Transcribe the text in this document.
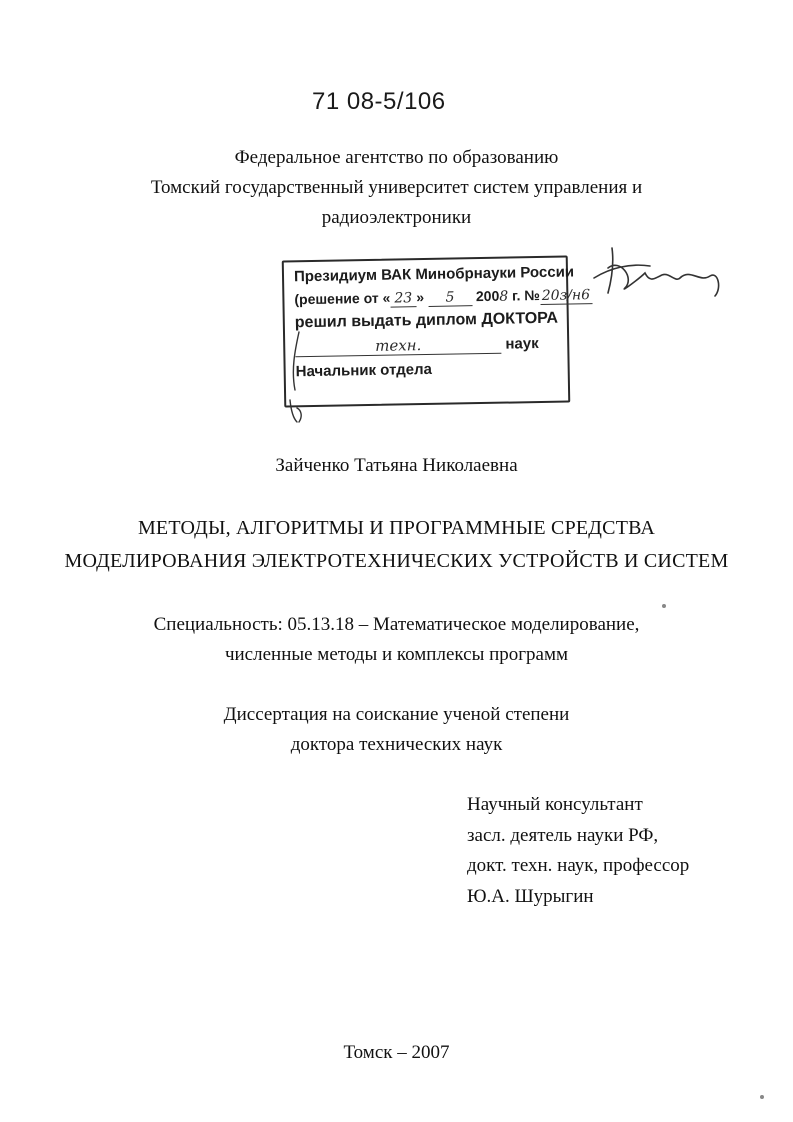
71 08-5/106
Федеральное агентство по образованию
Томский государственный университет систем управления и
радиоэлектроники
Президиум ВАК Минобрнауки России
(решение от « 23 » 5 2008 г. № 20з/н6
решил выдать диплом ДОКТОРА
техн.	наук
Начальник отдела
Зайченко Татьяна Николаевна
МЕТОДЫ, АЛГОРИТМЫ И ПРОГРАММНЫЕ СРЕДСТВА
МОДЕЛИРОВАНИЯ ЭЛЕКТРОТЕХНИЧЕСКИХ УСТРОЙСТВ И СИСТЕМ
Специальность: 05.13.18 – Математическое моделирование,
численные методы и комплексы программ
Диссертация на соискание ученой степени
доктора технических наук
Научный консультант
засл. деятель науки РФ,
докт. техн. наук, профессор
Ю.А. Шурыгин
Томск – 2007
